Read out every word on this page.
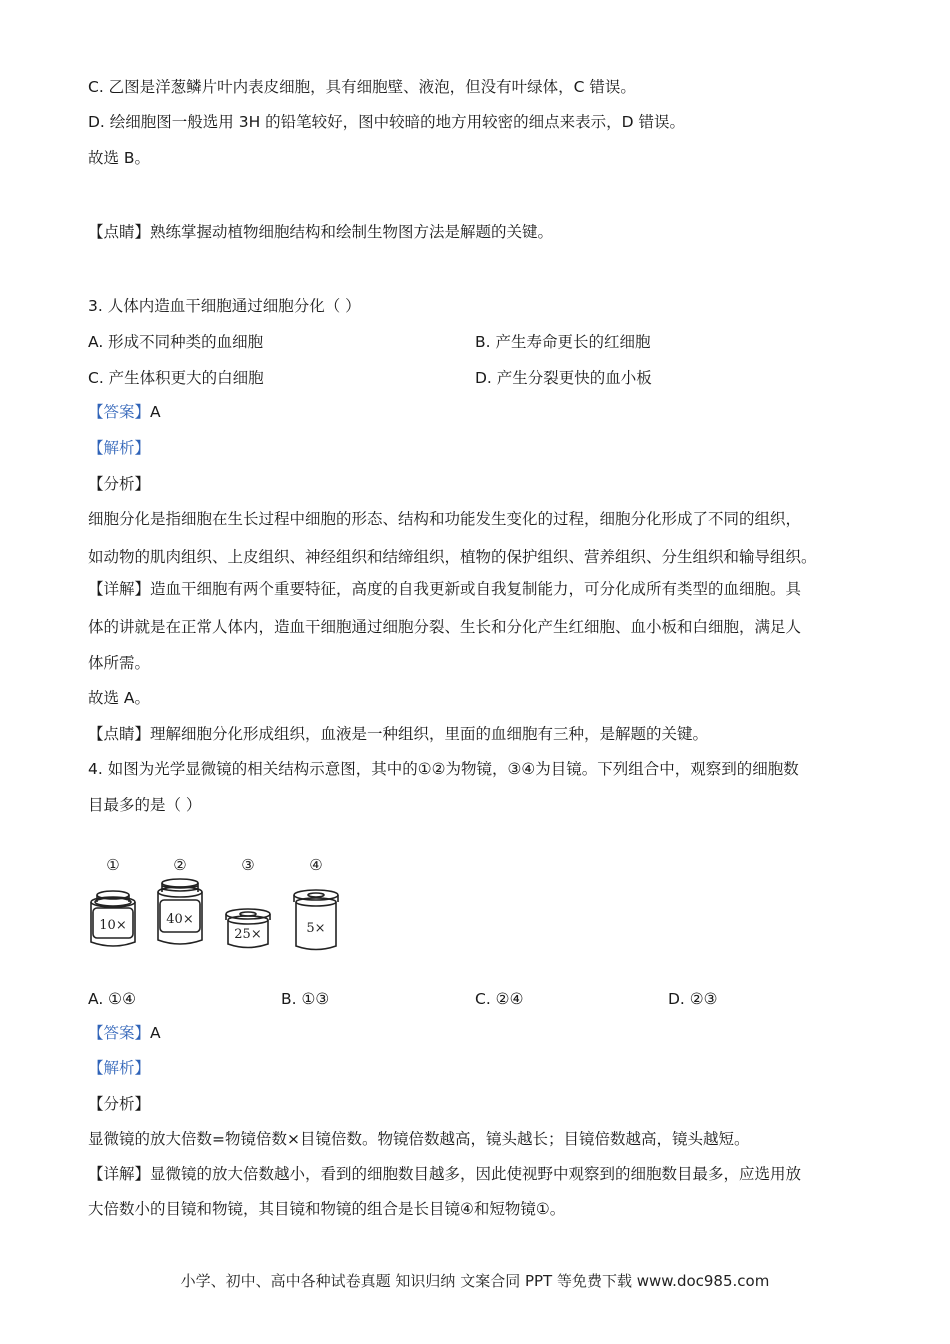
C. 乙图是洋葱鳞片叶内表皮细胞，具有细胞壁、液泡，但没有叶绿体，C 错误。
D. 绘细胞图一般选用 3H 的铅笔较好，图中较暗的地方用较密的细点来表示，D 错误。
故选 B。
【点睛】熟练掌握动植物细胞结构和绘制生物图方法是解题的关键。
3. 人体内造血干细胞通过细胞分化（ ）
A. 形成不同种类的血细胞	B. 产生寿命更长的红细胞
C. 产生体积更大的白细胞	D. 产生分裂更快的血小板
【答案】A
【解析】
【分析】
细胞分化是指细胞在生长过程中细胞的形态、结构和功能发生变化的过程，细胞分化形成了不同的组织，
如动物的肌肉组织、上皮组织、神经组织和结缔组织，植物的保护组织、营养组织、分生组织和输导组织。
【详解】造血干细胞有两个重要特征，高度的自我更新或自我复制能力，可分化成所有类型的血细胞。具
体的讲就是在正常人体内，造血干细胞通过细胞分裂、生长和分化产生红细胞、血小板和白细胞，满足人
体所需。
故选 A。
【点睛】理解细胞分化形成组织，血液是一种组织，里面的血细胞有三种，是解题的关键。
4. 如图为光学显微镜的相关结构示意图，其中的①②为物镜，③④为目镜。下列组合中，观察到的细胞数
目最多的是（ ）
①	②	③	④
10×	40×
25×	5×
A. ①④	B. ①③	C. ②④	D. ②③
【答案】A
【解析】
【分析】
显微镜的放大倍数=物镜倍数×目镜倍数。物镜倍数越高，镜头越长；目镜倍数越高，镜头越短。
【详解】显微镜的放大倍数越小，看到的细胞数目越多，因此使视野中观察到的细胞数目最多，应选用放
大倍数小的目镜和物镜，其目镜和物镜的组合是长目镜④和短物镜①。
小学、初中、高中各种试卷真题 知识归纳 文案合同 PPT 等免费下载 www.doc985.com
